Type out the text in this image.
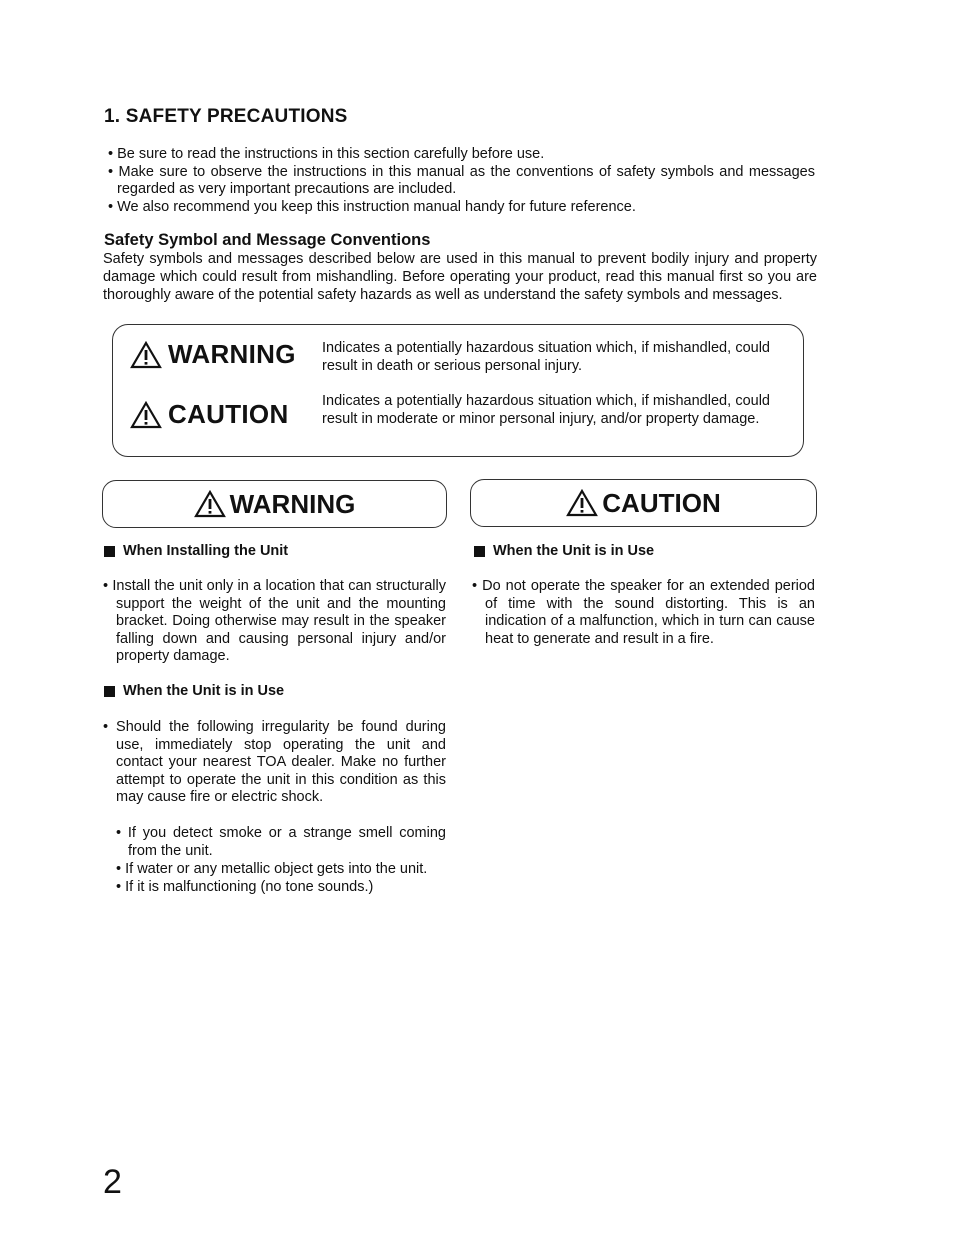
1. SAFETY PRECAUTIONS

• Be sure to read the instructions in this section carefully before use.

• Make sure to observe the instructions in this manual as the conventions of safety symbols and messages regarded as very important precautions are included.

• We also recommend you keep this instruction manual handy for future reference.

Safety Symbol and Message Conventions

Safety symbols and messages described below are used in this manual to prevent bodily injury and property damage which could result from mishandling. Before operating your product, read this manual first so you are thoroughly aware of the potential safety hazards as well as understand the safety symbols and messages.

WARNING Indicates a potentially hazardous situation which, if mishandled, could result in death or serious personal injury.

CAUTION Indicates a potentially hazardous situation which, if mishandled, could result in moderate or minor personal injury, and/or property damage.

WARNING	CAUTION
When Installing the Unit

• Install the unit only in a location that can structurally support the weight of the unit and the mounting bracket. Doing otherwise may result in the speaker falling down and causing personal injury and/or property damage.

When the Unit is in Use

• Should the following irregularity be found during use, immediately stop operating the unit and contact your nearest TOA dealer. Make no further attempt to operate the unit in this condition as this may cause fire or electric shock.

• If you detect smoke or a strange smell coming from the unit.

• If water or any metallic object gets into the unit.

• If it is malfunctioning (no tone sounds.)

When the Unit is in Use

• Do not operate the speaker for an extended period of time with the sound distorting. This is an indication of a malfunction, which in turn can cause heat to generate and result in a fire.

2
